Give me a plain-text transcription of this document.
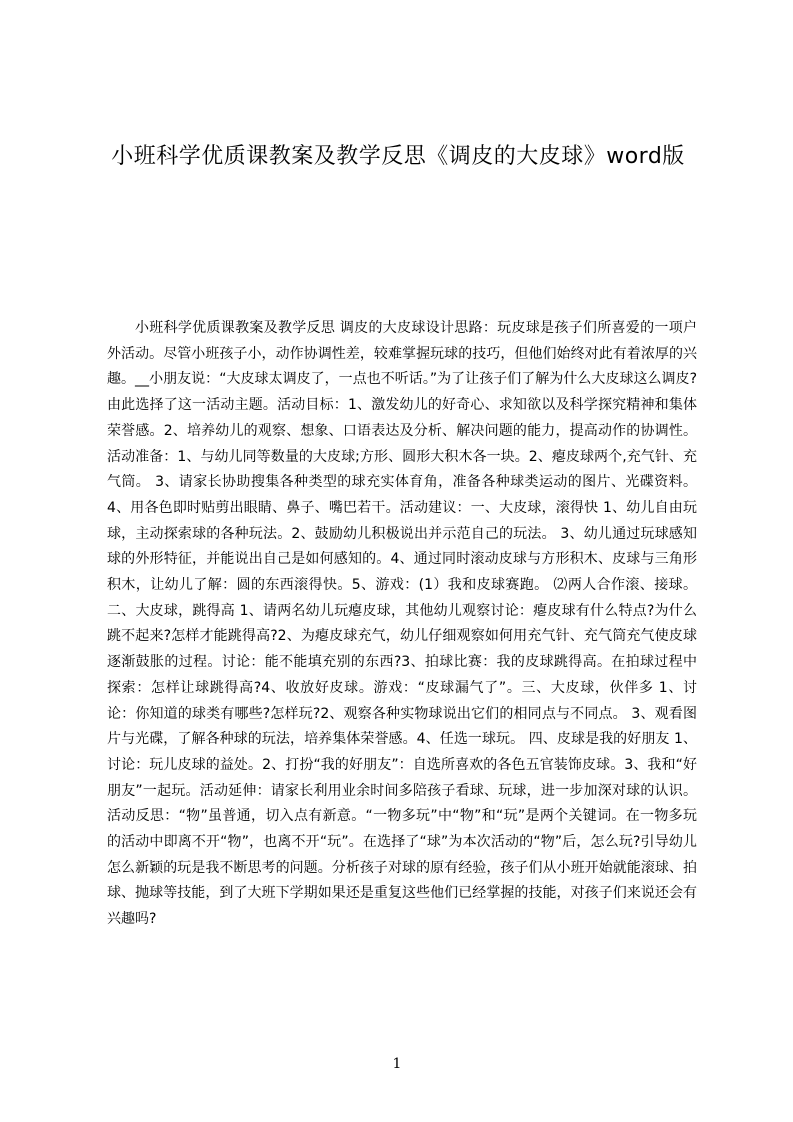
小班科学优质课教案及教学反思《调皮的大皮球》word版

小班科学优质课教案及教学反思 调皮的大皮球设计思路：玩皮球是孩子们所喜爱的一项户外活动。尽管小班孩子小，动作协调性差，较难掌握玩球的技巧，但他们始终对此有着浓厚的兴趣。__小朋友说：“大皮球太调皮了，一点也不听话。”为了让孩子们了解为什么大皮球这么调皮?由此选择了这一活动主题。活动目标：1、激发幼儿的好奇心、求知欲以及科学探究精神和集体荣誉感。2、培养幼儿的观察、想象、口语表达及分析、解决问题的能力，提高动作的协调性。活动准备：1、与幼儿同等数量的大皮球;方形、圆形大积木各一块。2、瘪皮球两个,充气针、充气筒。 3、请家长协助搜集各种类型的球充实体育角，准备各种球类运动的图片、光碟资料。4、用各色即时贴剪出眼睛、鼻子、嘴巴若干。活动建议：一、大皮球，滚得快 1、幼儿自由玩球，主动探索球的各种玩法。2、鼓励幼儿积极说出并示范自己的玩法。 3、幼儿通过玩球感知球的外形特征，并能说出自己是如何感知的。4、通过同时滚动皮球与方形积木、皮球与三角形积木，让幼儿了解：圆的东西滚得快。5、游戏：(1）我和皮球赛跑。 ⑵两人合作滚、接球。 二、大皮球，跳得高 1、请两名幼儿玩瘪皮球，其他幼儿观察讨论：瘪皮球有什么特点?为什么跳不起来?怎样才能跳得高?2、为瘪皮球充气，幼儿仔细观察如何用充气针、充气筒充气使皮球逐渐鼓胀的过程。讨论：能不能填充别的东西?3、拍球比赛：我的皮球跳得高。在拍球过程中探索：怎样让球跳得高?4、收放好皮球。游戏：“皮球漏气了”。三、大皮球，伙伴多 1、讨论：你知道的球类有哪些?怎样玩?2、观察各种实物球说出它们的相同点与不同点。 3、观看图片与光碟，了解各种球的玩法，培养集体荣誉感。4、任选一球玩。 四、皮球是我的好朋友 1、讨论：玩儿皮球的益处。2、打扮“我的好朋友”：自选所喜欢的各色五官装饰皮球。3、我和“好朋友”一起玩。活动延伸：请家长利用业余时间多陪孩子看球、玩球，进一步加深对球的认识。活动反思：“物”虽普通，切入点有新意。“一物多玩”中“物”和“玩”是两个关键词。在一物多玩的活动中即离不开“物”，也离不开“玩”。在选择了“球”为本次活动的“物”后，怎么玩?引导幼儿怎么新颖的玩是我不断思考的问题。分析孩子对球的原有经验，孩子们从小班开始就能滚球、拍球、抛球等技能，到了大班下学期如果还是重复这些他们已经掌握的技能，对孩子们来说还会有兴趣吗?

1
